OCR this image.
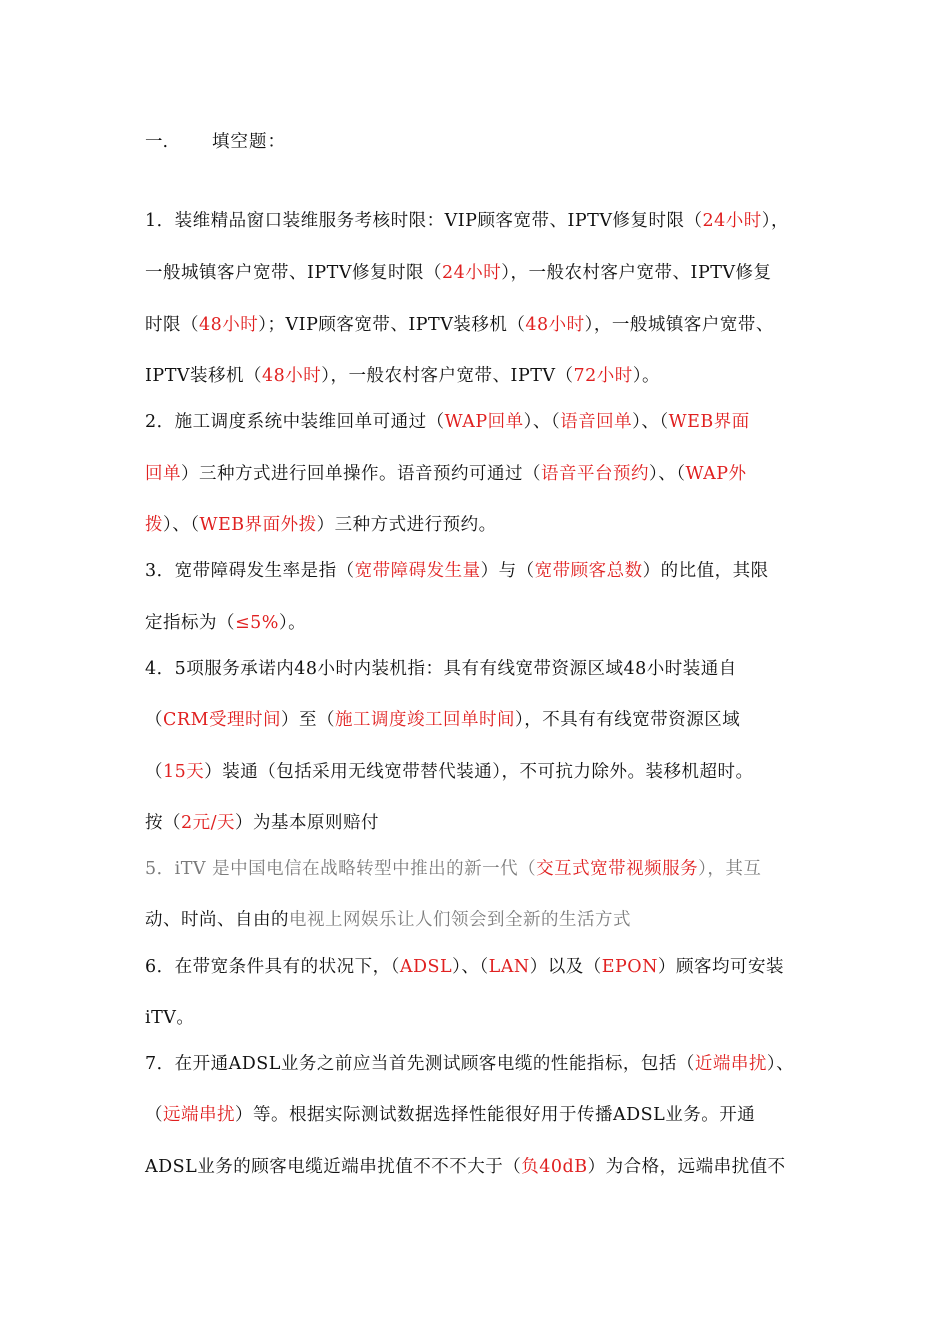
一.	填空题：
1．装维精品窗口装维服务考核时限：VIP顾客宽带、IPTV修复时限（24小时），
一般城镇客户宽带、IPTV修复时限（24小时），一般农村客户宽带、IPTV修复
时限（48小时）；VIP顾客宽带、IPTV装移机（48小时），一般城镇客户宽带、
IPTV装移机（48小时），一般农村客户宽带、IPTV（72小时）。
2．施工调度系统中装维回单可通过（WAP回单）、（语音回单）、（WEB界面
回单）三种方式进行回单操作。语音预约可通过（语音平台预约）、（WAP外
拨）、（WEB界面外拨）三种方式进行预约。
3．宽带障碍发生率是指（宽带障碍发生量）与（宽带顾客总数）的比值，其限
定指标为（≤5%）。
4．5项服务承诺内48小时内装机指：具有有线宽带资源区域48小时装通自
（CRM受理时间）至（施工调度竣工回单时间），不具有有线宽带资源区域
（15天）装通（包括采用无线宽带替代装通），不可抗力除外。装移机超时。
按（2元/天）为基本原则赔付
5．iTV 是中国电信在战略转型中推出的新一代（交互式宽带视频服务），其互
动、时尚、自由的电视上网娱乐让人们领会到全新的生活方式
6．在带宽条件具有的状况下，（ADSL）、（LAN）以及（EPON）顾客均可安装
iTV。
7．在开通ADSL业务之前应当首先测试顾客电缆的性能指标，包括（近端串扰）、
（远端串扰）等。根据实际测试数据选择性能很好用于传播ADSL业务。开通
ADSL业务的顾客电缆近端串扰值不不不大于（负40dB）为合格，远端串扰值不
